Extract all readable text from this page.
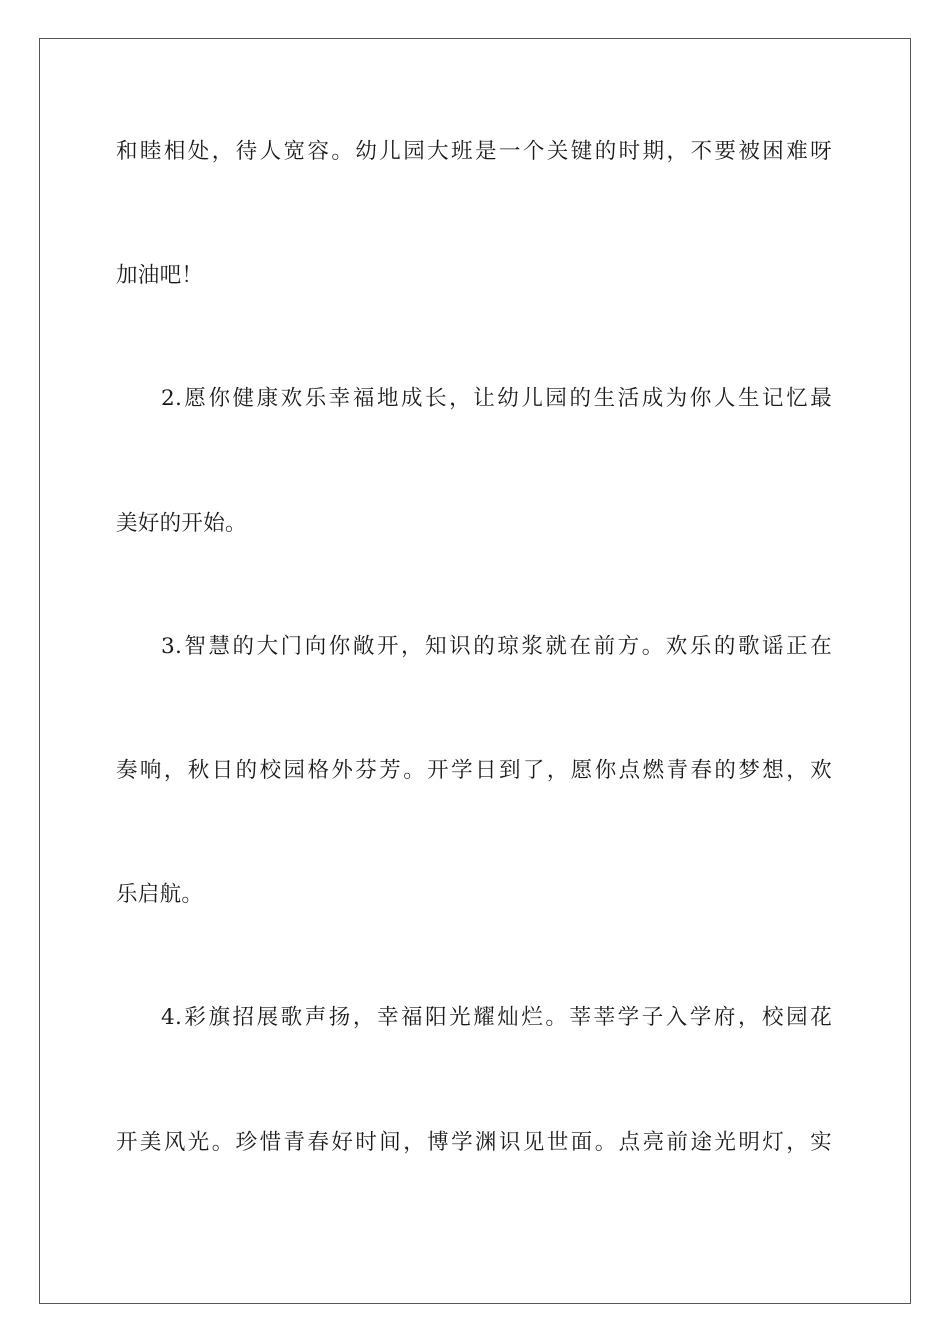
和睦相处，待人宽容。幼儿园大班是一个关键的时期，不要被困难呀
加油吧！
2.愿你健康欢乐幸福地成长，让幼儿园的生活成为你人生记忆最
美好的开始。
3.智慧的大门向你敞开，知识的琼浆就在前方。欢乐的歌谣正在
奏响，秋日的校园格外芬芳。开学日到了，愿你点燃青春的梦想，欢
乐启航。
4.彩旗招展歌声扬，幸福阳光耀灿烂。莘莘学子入学府，校园花
开美风光。珍惜青春好时间，博学渊识见世面。点亮前途光明灯，实
